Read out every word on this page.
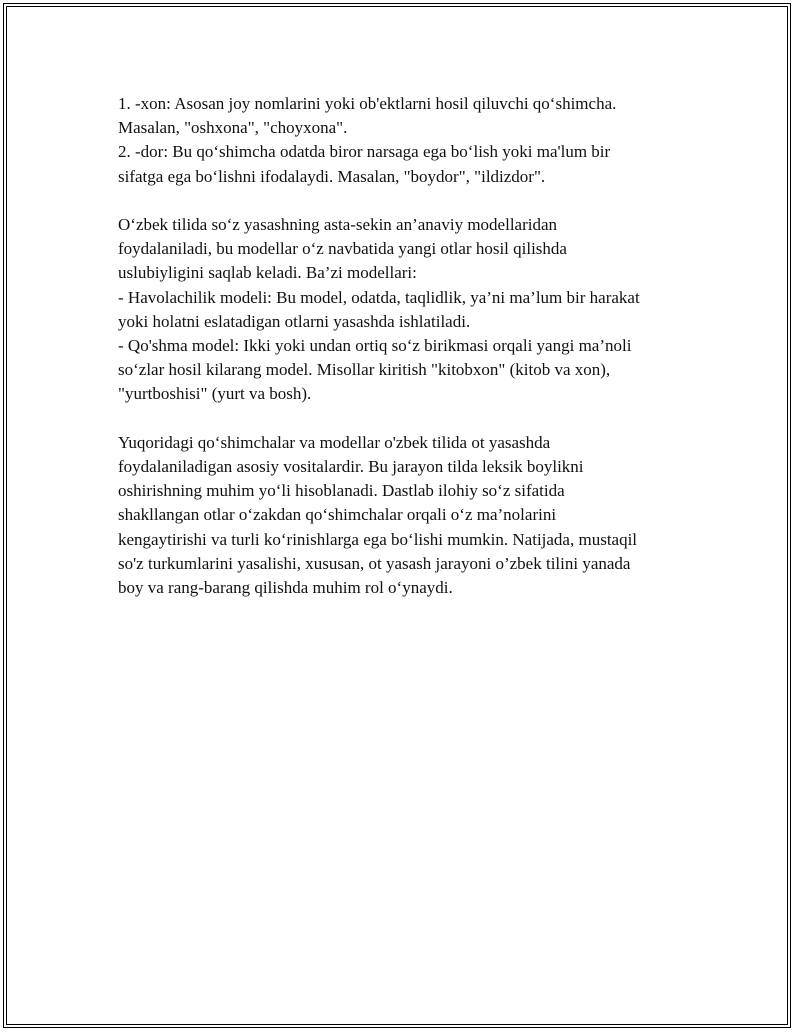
1. -xon: Asosan joy nomlarini yoki ob'ektlarni hosil qiluvchi qo‘shimcha.
Masalan, "oshxona", "choyxona".
2. -dor: Bu qo‘shimcha odatda biror narsaga ega bo‘lish yoki ma'lum bir
sifatga ega bo‘lishni ifodalaydi. Masalan, "boydor", "ildizdor".
O‘zbek tilida so‘z yasashning asta-sekin an’anaviy modellaridan
foydalaniladi, bu modellar o‘z navbatida yangi otlar hosil qilishda
uslubiyligini saqlab keladi. Ba’zi modellari:
- Havolachilik modeli: Bu model, odatda, taqlidlik, ya’ni ma’lum bir harakat
yoki holatni eslatadigan otlarni yasashda ishlatiladi.
- Qo'shma model: Ikki yoki undan ortiq so‘z birikmasi orqali yangi ma’noli
so‘zlar hosil kilarang model. Misollar kiritish "kitobxon" (kitob va xon),
"yurtboshisi" (yurt va bosh).
Yuqoridagi qo‘shimchalar va modellar o'zbek tilida ot yasashda
foydalaniladigan asosiy vositalardir. Bu jarayon tilda leksik boylikni
oshirishning muhim yo‘li hisoblanadi. Dastlab ilohiy so‘z sifatida
shakllangan otlar o‘zakdan qo‘shimchalar orqali o‘z ma’nolarini
kengaytirishi va turli ko‘rinishlarga ega bo‘lishi mumkin. Natijada, mustaqil
so'z turkumlarini yasalishi, xususan, ot yasash jarayoni o’zbek tilini yanada
boy va rang-barang qilishda muhim rol o‘ynaydi.
